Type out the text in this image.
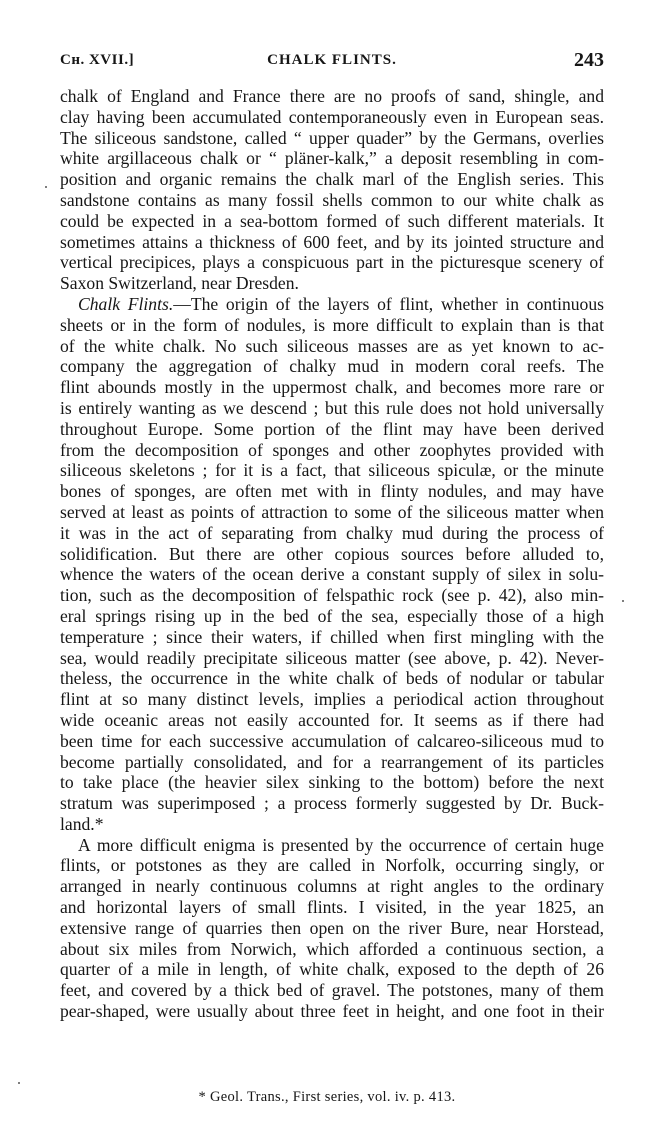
Cʜ. XVII.]	CHALK FLINTS.	243
chalk of England and France there are no proofs of sand, shingle, and
clay having been accumulated contemporaneously even in European seas.
The siliceous sandstone, called “ upper quader” by the Germans, overlies
white argillaceous chalk or “ pläner-kalk,” a deposit resembling in com-
position and organic remains the chalk marl of the English series. This
sandstone contains as many fossil shells common to our white chalk as
could be expected in a sea-bottom formed of such different materials. It
sometimes attains a thickness of 600 feet, and by its jointed structure and
vertical precipices, plays a conspicuous part in the picturesque scenery of
Saxon Switzerland, near Dresden.
Chalk Flints.—The origin of the layers of flint, whether in continuous
sheets or in the form of nodules, is more difficult to explain than is that
of the white chalk. No such siliceous masses are as yet known to ac-
company the aggregation of chalky mud in modern coral reefs. The
flint abounds mostly in the uppermost chalk, and becomes more rare or
is entirely wanting as we descend ; but this rule does not hold universally
throughout Europe. Some portion of the flint may have been derived
from the decomposition of sponges and other zoophytes provided with
siliceous skeletons ; for it is a fact, that siliceous spiculæ, or the minute
bones of sponges, are often met with in flinty nodules, and may have
served at least as points of attraction to some of the siliceous matter when
it was in the act of separating from chalky mud during the process of
solidification. But there are other copious sources before alluded to,
whence the waters of the ocean derive a constant supply of silex in solu-
tion, such as the decomposition of felspathic rock (see p. 42), also min-
eral springs rising up in the bed of the sea, especially those of a high
temperature ; since their waters, if chilled when first mingling with the
sea, would readily precipitate siliceous matter (see above, p. 42). Never-
theless, the occurrence in the white chalk of beds of nodular or tabular
flint at so many distinct levels, implies a periodical action throughout
wide oceanic areas not easily accounted for. It seems as if there had
been time for each successive accumulation of calcareo-siliceous mud to
become partially consolidated, and for a rearrangement of its particles
to take place (the heavier silex sinking to the bottom) before the next
stratum was superimposed ; a process formerly suggested by Dr. Buck-
land.*
A more difficult enigma is presented by the occurrence of certain huge
flints, or potstones as they are called in Norfolk, occurring singly, or
arranged in nearly continuous columns at right angles to the ordinary
and horizontal layers of small flints. I visited, in the year 1825, an
extensive range of quarries then open on the river Bure, near Horstead,
about six miles from Norwich, which afforded a continuous section, a
quarter of a mile in length, of white chalk, exposed to the depth of 26
feet, and covered by a thick bed of gravel. The potstones, many of them
pear-shaped, were usually about three feet in height, and one foot in their
* Geol. Trans., First series, vol. iv. p. 413.
